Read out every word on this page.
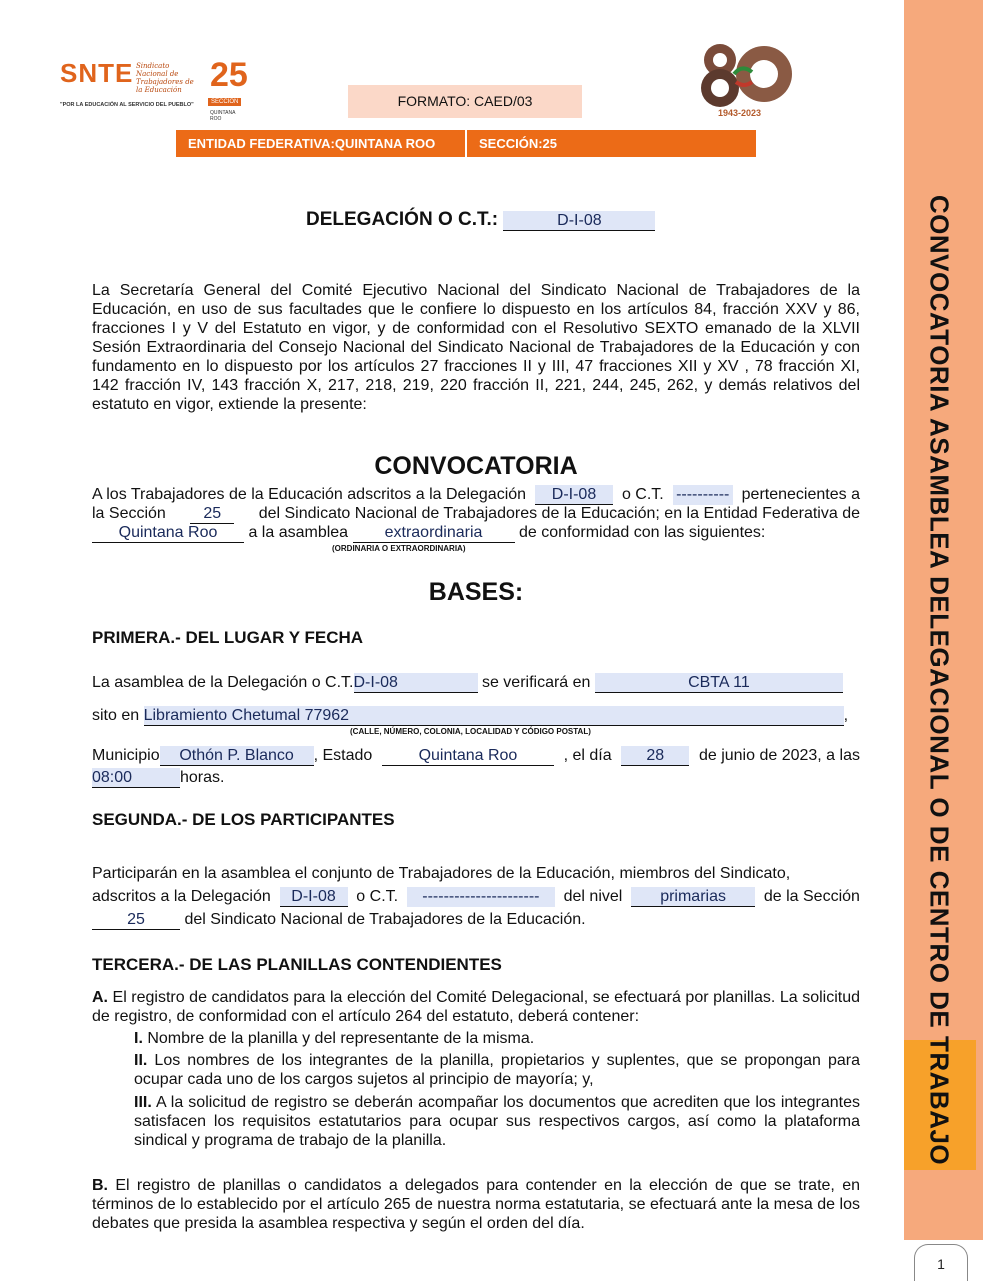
CONVOCATORIA ASAMBLEA DELEGACIONAL O DE CENTRO DE TRABAJO
1
SNTE Sindicato Nacional de Trabajadores de la Educación 25
SECCIÓN
QUINTANA ROO
"POR LA EDUCACIÓN AL SERVICIO DEL PUEBLO"
1943-2023
FORMATO: CAED/03
ENTIDAD FEDERATIVA:QUINTANA ROO	SECCIÓN:25
DELEGACIÓN O C.T.:	D-I-08
La Secretaría General del Comité Ejecutivo Nacional del Sindicato Nacional de Trabajadores de la Educación, en uso de sus facultades que le confiere lo dispuesto en los artículos 84, fracción XXV y 86, fracciones I y V del Estatuto en vigor, y de conformidad con el Resolutivo SEXTO emanado de la XLVII Sesión Extraordinaria del Consejo Nacional del Sindicato Nacional de Trabajadores de la Educación y con fundamento en lo dispuesto por los artículos 27 fracciones II y III, 47 fracciones XII y XV , 78 fracción XI, 142 fracción IV, 143 fracción X, 217, 218, 219, 220 fracción II, 221, 244, 245, 262, y demás relativos del estatuto en vigor, extiende la presente:
CONVOCATORIA
A los Trabajadores de la Educación adscritos a la Delegación	D-I-08	o C.T. ---------- pertenecientes a
la Sección	25	del Sindicato Nacional de Trabajadores de la Educación; en la Entidad Federativa de
Quintana Roo a la asamblea extraordinaria de conformidad con las siguientes:
(ORDINARIA O EXTRAORDINARIA)
BASES:
PRIMERA.- DEL LUGAR Y FECHA
La asamblea de la Delegación o C.T.D-I-08	se verificará en	CBTA 11
sito en Libramiento Chetumal 77962	,
(CALLE, NÚMERO, COLONIA, LOCALIDAD Y CÓDIGO POSTAL)
Municipio Othón P. Blanco , Estado	Quintana Roo	, el día	28	de junio de 2023, a las
08:00	horas.
SEGUNDA.- DE LOS PARTICIPANTES
Participarán en la asamblea el conjunto de Trabajadores de la Educación, miembros del Sindicato,
adscritos a la Delegación	D-I-08	o C.T.	----------------------	del nivel	primarias	de la Sección
25 del Sindicato Nacional de Trabajadores de la Educación.
TERCERA.- DE LAS PLANILLAS CONTENDIENTES
A. El registro de candidatos para la elección del Comité Delegacional, se efectuará por planillas. La solicitud de registro, de conformidad con el artículo 264 del estatuto, deberá contener:
I. Nombre de la planilla y del representante de la misma.
II. Los nombres de los integrantes de la planilla, propietarios y suplentes, que se propongan para ocupar cada uno de los cargos sujetos al principio de mayoría; y,
III. A la solicitud de registro se deberán acompañar los documentos que acrediten que los integrantes satisfacen los requisitos estatutarios para ocupar sus respectivos cargos, así como la plataforma sindical y programa de trabajo de la planilla.
B. El registro de planillas o candidatos a delegados para contender en la elección de que se trate, en términos de lo establecido por el artículo 265 de nuestra norma estatutaria, se efectuará ante la mesa de los debates que presida la asamblea respectiva y según el orden del día.
